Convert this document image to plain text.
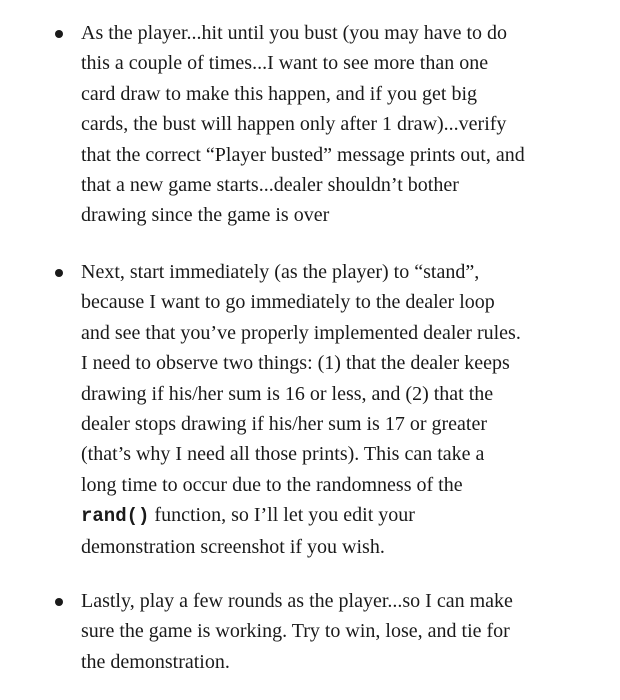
As the player...hit until you bust (you may have to do
this a couple of times...I want to see more than one
card draw to make this happen, and if you get big
cards, the bust will happen only after 1 draw)...verify
that the correct “Player busted” message prints out, and
that a new game starts...dealer shouldn’t bother
drawing since the game is over
Next, start immediately (as the player) to “stand”,
because I want to go immediately to the dealer loop
and see that you’ve properly implemented dealer rules.
I need to observe two things: (1) that the dealer keeps
drawing if his/her sum is 16 or less, and (2) that the
dealer stops drawing if his/her sum is 17 or greater
(that’s why I need all those prints). This can take a
long time to occur due to the randomness of the
rand() function, so I’ll let you edit your
demonstration screenshot if you wish.
Lastly, play a few rounds as the player...so I can make
sure the game is working. Try to win, lose, and tie for
the demonstration.
